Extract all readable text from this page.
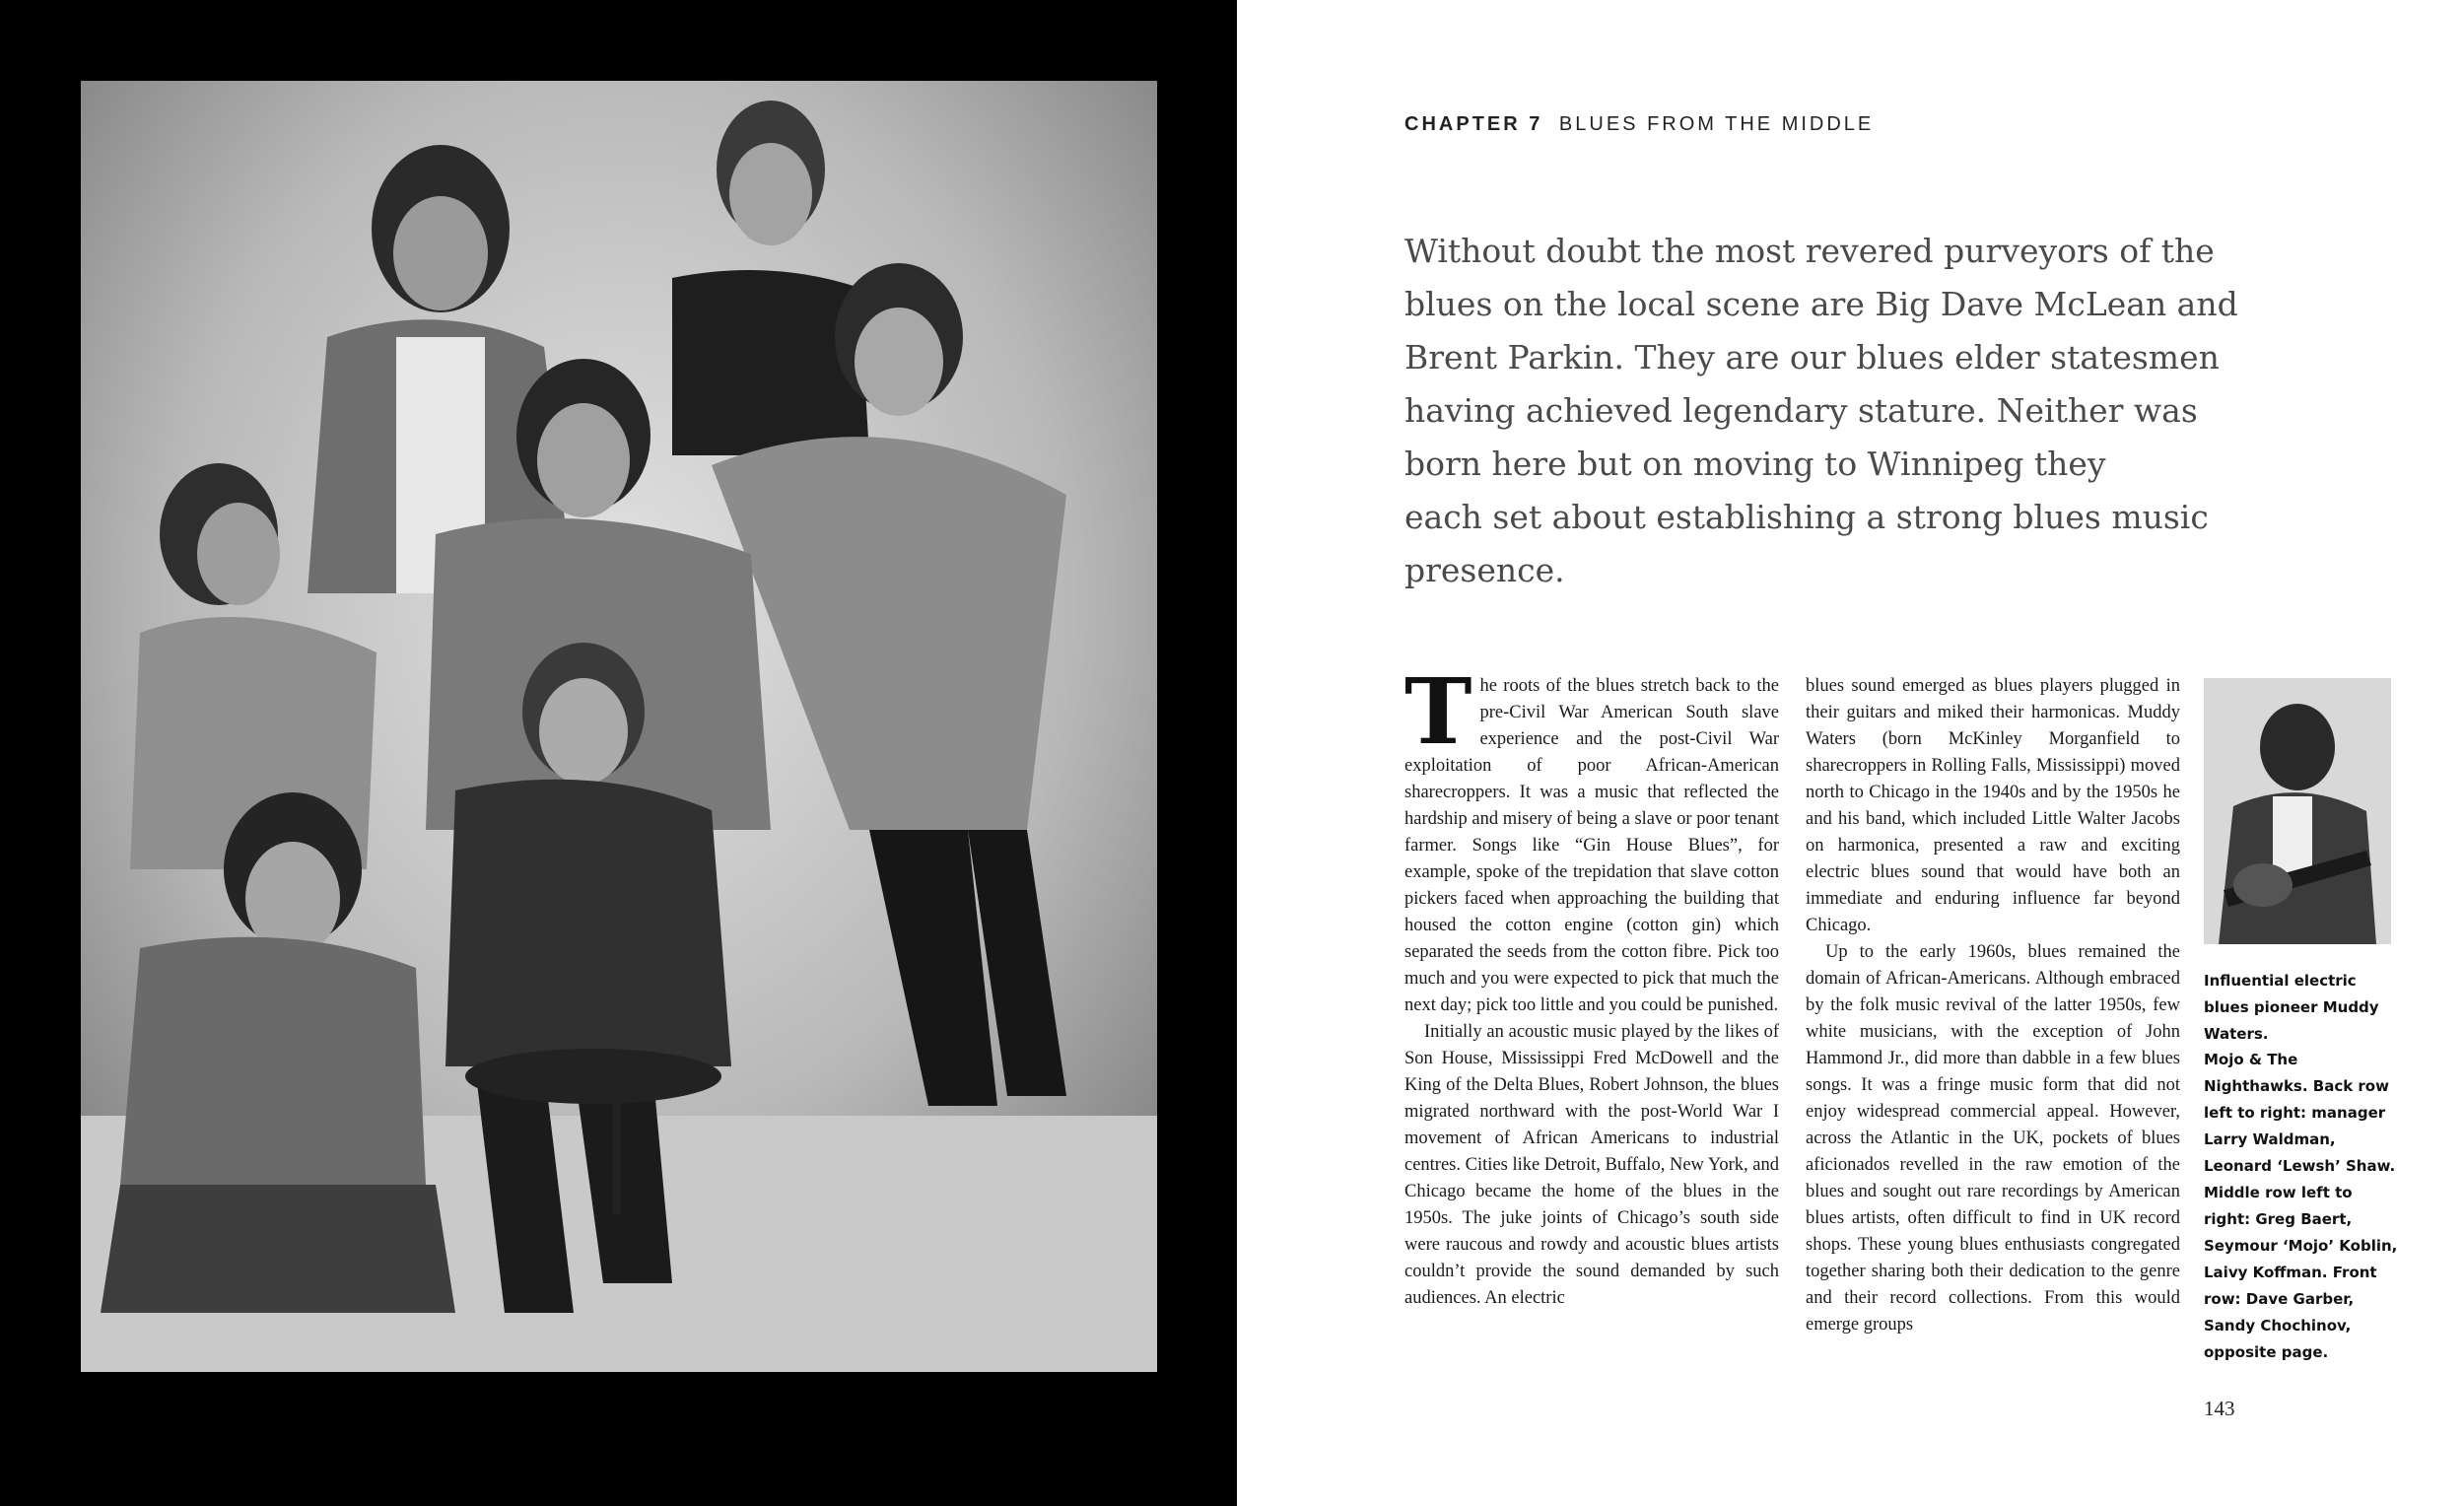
CHAPTER 7 BLUES FROM THE MIDDLE
Without doubt the most revered purveyors of the
blues on the local scene are Big Dave McLean and
Brent Parkin. They are our blues elder statesmen
having achieved legendary stature. Neither was
born here but on moving to Winnipeg they
each set about establishing a strong blues music
presence.

The roots of the blues stretch back to the pre-Civil War American South slave experience and the post-Civil War exploitation of poor African-American sharecroppers. It was a music that reflected the hardship and misery of being a slave or poor tenant farmer. Songs like “Gin House Blues”, for example, spoke of the trepidation that slave cotton pickers faced when approaching the building that housed the cotton engine (cotton gin) which separated the seeds from the cotton fibre. Pick too much and you were expected to pick that much the next day; pick too little and you could be punished.

Initially an acoustic music played by the likes of Son House, Mississippi Fred McDowell and the King of the Delta Blues, Robert Johnson, the blues migrated northward with the post-World War I movement of African Americans to industrial centres. Cities like Detroit, Buffalo, New York, and Chicago became the home of the blues in the 1950s. The juke joints of Chicago’s south side were raucous and rowdy and acoustic blues artists couldn’t provide the sound demanded by such audiences. An electric

blues sound emerged as blues players plugged in their guitars and miked their harmonicas. Muddy Waters (born McKinley Morganfield to sharecroppers in Rolling Falls, Mississippi) moved north to Chicago in the 1940s and by the 1950s he and his band, which included Little Walter Jacobs on harmonica, presented a raw and exciting electric blues sound that would have both an immediate and enduring influence far beyond Chicago.

Up to the early 1960s, blues remained the domain of African-Americans. Although embraced by the folk music revival of the latter 1950s, few white musicians, with the exception of John Hammond Jr., did more than dabble in a few blues songs. It was a fringe music form that did not enjoy widespread commercial appeal. However, across the Atlantic in the UK, pockets of blues aficionados revelled in the raw emotion of the blues and sought out rare recordings by American blues artists, often difficult to find in UK record shops. These young blues enthusiasts congregated together sharing both their dedication to the genre and their record collections. From this would emerge groups

Influential electric blues pioneer Muddy Waters.
Mojo & The Nighthawks. Back row left to right: manager Larry Waldman, Leonard ‘Lewsh’ Shaw. Middle row left to right: Greg Baert, Seymour ‘Mojo’ Koblin, Laivy Koffman. Front row: Dave Garber, Sandy Chochinov, opposite page.
143
